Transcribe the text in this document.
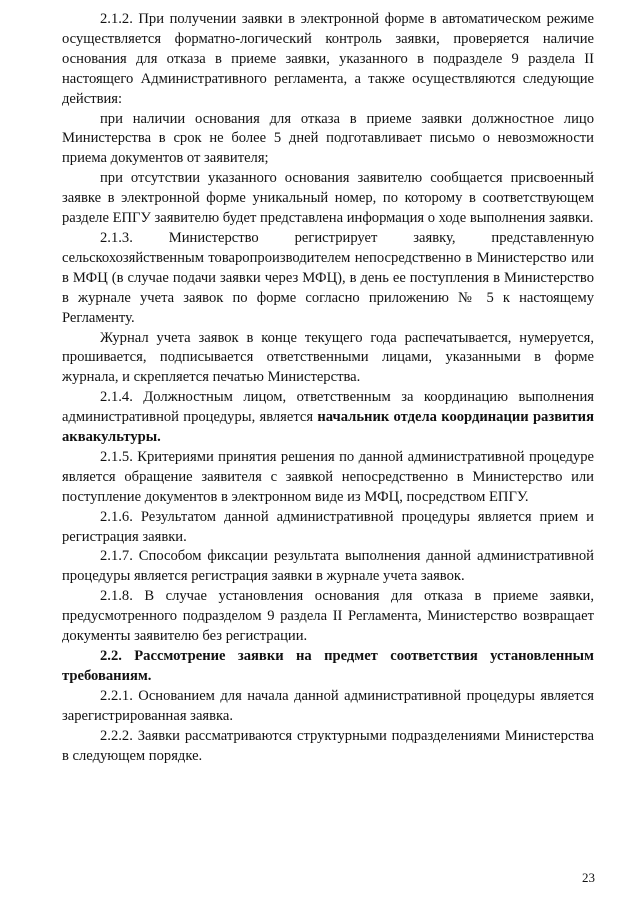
2.1.2. При получении заявки в электронной форме в автоматическом режиме осуществляется форматно-логический контроль заявки, проверяется наличие основания для отказа в приеме заявки, указанного в подразделе 9 раздела II настоящего Административного регламента, а также осуществляются следующие действия:

при наличии основания для отказа в приеме заявки должностное лицо Министерства в срок не более 5 дней подготавливает письмо о невозможности приема документов от заявителя;

при отсутствии указанного основания заявителю сообщается присвоенный заявке в электронной форме уникальный номер, по которому в соответствующем разделе ЕПГУ заявителю будет представлена информация о ходе выполнения заявки.

2.1.3. Министерство регистрирует заявку, представленную сельскохозяйственным товаропроизводителем непосредственно в Министерство или в МФЦ (в случае подачи заявки через МФЦ), в день ее поступления в Министерство в журнале учета заявок по форме согласно приложению № 5 к настоящему Регламенту.

Журнал учета заявок в конце текущего года распечатывается, нумеруется, прошивается, подписывается ответственными лицами, указанными в форме журнала, и скрепляется печатью Министерства.

2.1.4. Должностным лицом, ответственным за координацию выполнения административной процедуры, является начальник отдела координации развития аквакультуры.

2.1.5. Критериями принятия решения по данной административной процедуре является обращение заявителя с заявкой непосредственно в Министерство или поступление документов в электронном виде из МФЦ, посредством ЕПГУ.

2.1.6. Результатом данной административной процедуры является прием и регистрация заявки.

2.1.7. Способом фиксации результата выполнения данной административной процедуры является регистрация заявки в журнале учета заявок.

2.1.8. В случае установления основания для отказа в приеме заявки, предусмотренного подразделом 9 раздела II Регламента, Министерство возвращает документы заявителю без регистрации.

2.2. Рассмотрение заявки на предмет соответствия установленным требованиям.

2.2.1. Основанием для начала данной административной процедуры является зарегистрированная заявка.

2.2.2. Заявки рассматриваются структурными подразделениями Министерства в следующем порядке.

23
